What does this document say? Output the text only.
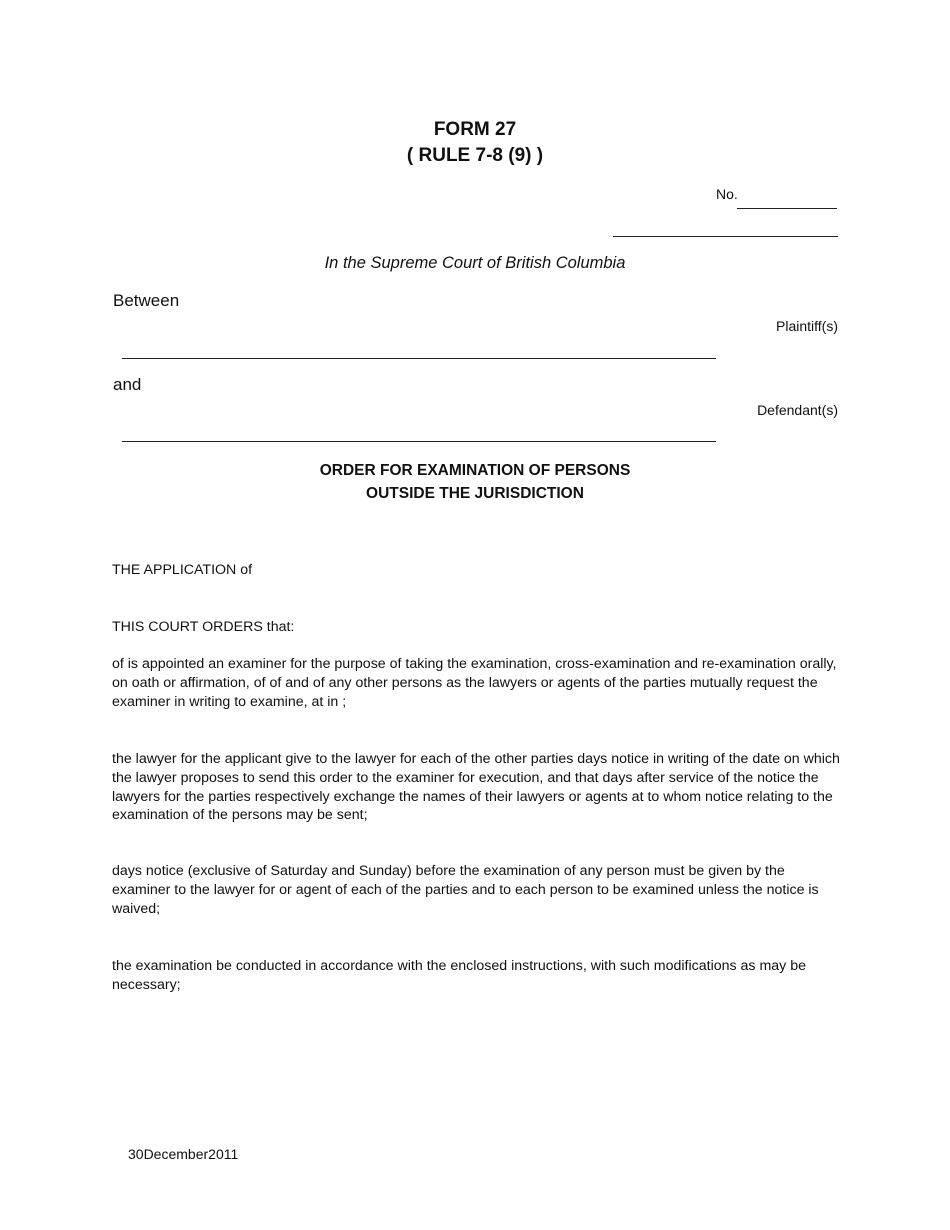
FORM 27
( RULE 7-8 (9) )
No.
In the Supreme Court of British Columbia
Between
Plaintiff(s)
and
Defendant(s)
ORDER FOR EXAMINATION OF PERSONS
OUTSIDE THE JURISDICTION

THE APPLICATION of

THIS COURT ORDERS that:

of is appointed an examiner for the purpose of taking the examination, cross-examination and re-examination orally, on oath or affirmation, of of and of any other persons as the lawyers or agents of the parties mutually request the examiner in writing to examine, at in ;

the lawyer for the applicant give to the lawyer for each of the other parties days notice in writing of the date on which the lawyer proposes to send this order to the examiner for execution, and that days after service of the notice the lawyers for the parties respectively exchange the names of their lawyers or agents at to whom notice relating to the examination of the persons may be sent;

days notice (exclusive of Saturday and Sunday) before the examination of any person must be given by the examiner to the lawyer for or agent of each of the parties and to each person to be examined unless the notice is waived;

the examination be conducted in accordance with the enclosed instructions, with such modifications as may be necessary;

30December2011
